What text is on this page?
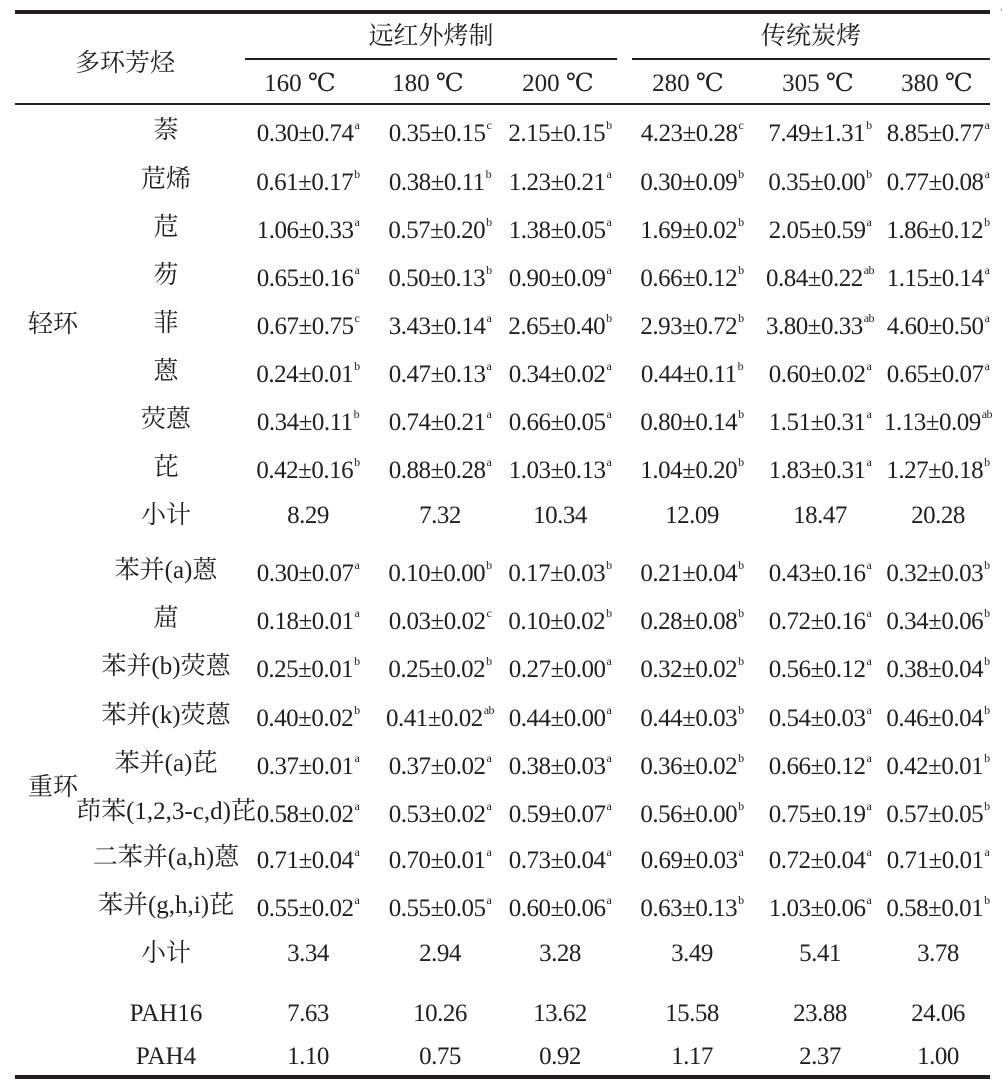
¸
多环芳烃
远红外烤制	传统炭烤
160 ℃ 180 ℃ 200 ℃ 280 ℃ 305 ℃ 380 ℃
轻环
重环
萘	0.30±0.74$^a$ 0.35±0.15$^c$ 2.15±0.15$^b$ 4.23±0.28$^c$ 7.49±1.31$^b$ 8.85±0.77$^a$
苊烯	0.61±0.17$^b$ 0.38±0.11$^b$ 1.23±0.21$^a$ 0.30±0.09$^b$ 0.35±0.00$^b$ 0.77±0.08$^a$
苊	1.06±0.33$^a$ 0.57±0.20$^b$ 1.38±0.05$^a$ 1.69±0.02$^b$ 2.05±0.59$^a$ 1.86±0.12$^b$
芴	0.65±0.16$^a$ 0.50±0.13$^b$ 0.90±0.09$^a$ 0.66±0.12$^b$ 0.84±0.22$^{ab}$ 1.15±0.14$^a$
菲	0.67±0.75$^c$ 3.43±0.14$^a$ 2.65±0.40$^b$ 2.93±0.72$^b$ 3.80±0.33$^{ab}$ 4.60±0.50$^a$
蒽	0.24±0.01$^b$ 0.47±0.13$^a$ 0.34±0.02$^a$ 0.44±0.11$^b$ 0.60±0.02$^a$ 0.65±0.07$^a$
荧蒽	0.34±0.11$^b$ 0.74±0.21$^a$ 0.66±0.05$^a$ 0.80±0.14$^b$ 1.51±0.31$^a$ 1.13±0.09$^{ab}$
芘	0.42±0.16$^b$ 0.88±0.28$^a$ 1.03±0.13$^a$ 1.04±0.20$^b$ 1.83±0.31$^a$ 1.27±0.18$^b$
小计	8.29	7.32	10.34	12.09	18.47	20.28
苯并(a)蒽 0.30±0.07$^a$ 0.10±0.00$^b$ 0.17±0.03$^b$ 0.21±0.04$^b$ 0.43±0.16$^a$ 0.32±0.03$^b$
䓛	0.18±0.01$^a$ 0.03±0.02$^c$ 0.10±0.02$^b$ 0.28±0.08$^b$ 0.72±0.16$^a$ 0.34±0.06$^b$
苯并(b)荧蒽 0.25±0.01$^b$ 0.25±0.02$^b$ 0.27±0.00$^a$ 0.32±0.02$^b$ 0.56±0.12$^a$ 0.38±0.04$^b$
苯并(k)荧蒽 0.40±0.02$^b$ 0.41±0.02$^{ab}$ 0.44±0.00$^a$ 0.44±0.03$^b$ 0.54±0.03$^a$ 0.46±0.04$^b$
苯并(a)芘 0.37±0.01$^a$ 0.37±0.02$^a$ 0.38±0.03$^a$ 0.36±0.02$^b$ 0.66±0.12$^a$ 0.42±0.01$^b$
茚苯(1,2,3-c,d)芘 0.58±0.02$^a$ 0.53±0.02$^a$ 0.59±0.07$^a$ 0.56±0.00$^b$ 0.75±0.19$^a$ 0.57±0.05$^b$
二苯并(a,h)蒽 0.71±0.04$^a$ 0.70±0.01$^a$ 0.73±0.04$^a$ 0.69±0.03$^a$ 0.72±0.04$^a$ 0.71±0.01$^a$
苯并(g,h,i)芘 0.55±0.02$^a$ 0.55±0.05$^a$ 0.60±0.06$^a$ 0.63±0.13$^b$ 1.03±0.06$^a$ 0.58±0.01$^b$
小计	3.34	2.94	3.28	3.49	5.41	3.78
PAH16	7.63	10.26	13.62	15.58	23.88	24.06
PAH4	1.10	0.75	0.92	1.17	2.37	1.00
